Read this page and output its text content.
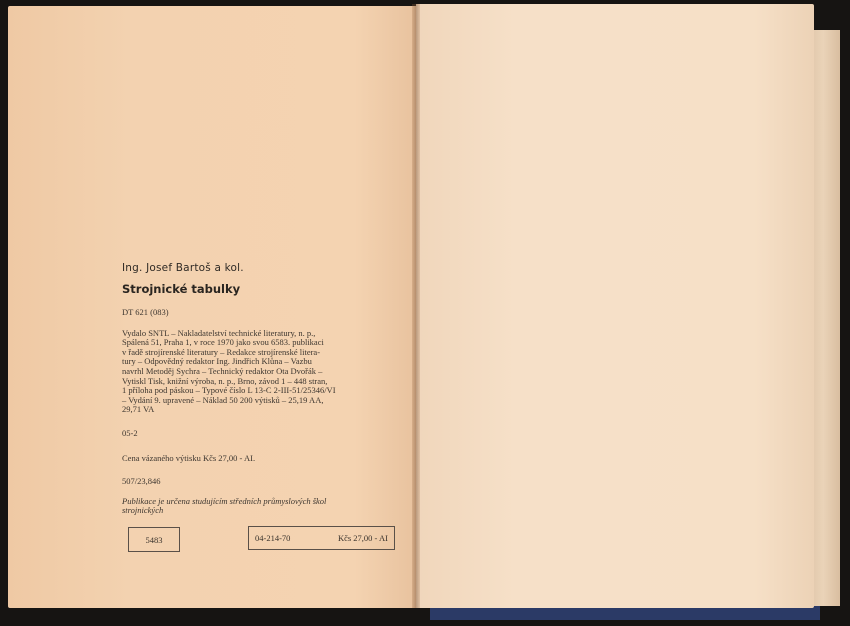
Ing. Josef Bartoš a kol.

Strojnické tabulky
DT 621 (083)
Vydalo SNTL – Nakladatelství technické literatury, n. p.,
Spálená 51, Praha 1, v roce 1970 jako svou 6583. publikaci
v řadě strojírenské literatury – Redakce strojírenské litera-
tury – Odpovědný redaktor Ing. Jindřich Klůna – Vazbu
navrhl Metoděj Sychra – Technický redaktor Ota Dvořák –
Vytiskl Tisk, knižní výroba, n. p., Brno, závod 1 – 448 stran,
1 příloha pod páskou – Typové číslo L 13-C 2-III-51/25346/VI
– Vydání 9. upravené – Náklad 50 200 výtisků – 25,19 AA,
29,71 VA
05-2
Cena vázaného výtisku Kčs 27,00 - AI.
507/23,846
Publikace je určena studujícím středních průmyslových škol
strojnických
5483	04-214-70	Kčs 27,00 - AI
